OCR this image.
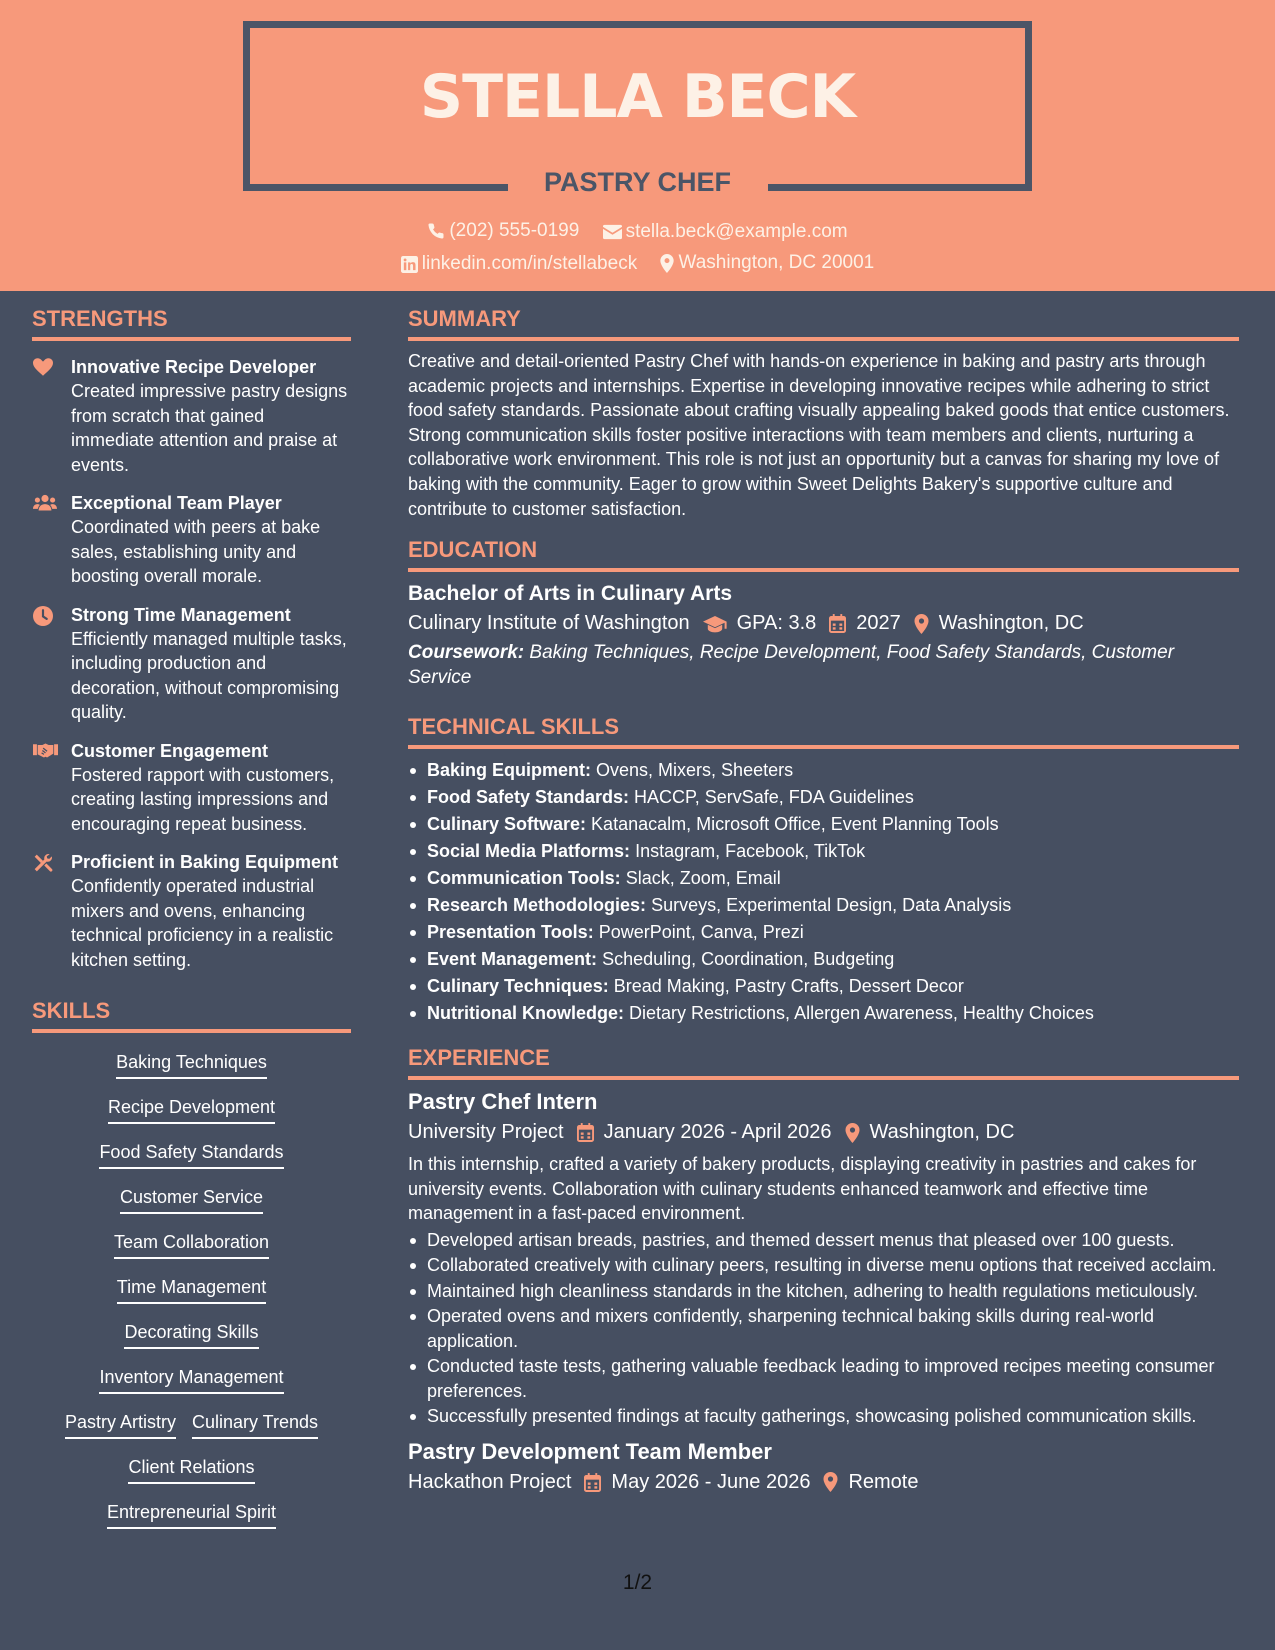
STELLA BECK
PASTRY CHEF
(202) 555-0199
stella.beck@example.com
linkedin.com/in/stellabeck
Washington, DC 20001
STRENGTHS
Innovative Recipe Developer
Created impressive pastry designs from scratch that gained immediate attention and praise at events.
Exceptional Team Player
Coordinated with peers at bake sales, establishing unity and boosting overall morale.
Strong Time Management
Efficiently managed multiple tasks, including production and decoration, without compromising quality.
Customer Engagement
Fostered rapport with customers, creating lasting impressions and encouraging repeat business.
Proficient in Baking Equipment
Confidently operated industrial mixers and ovens, enhancing technical proficiency in a realistic kitchen setting.
SKILLS
Baking Techniques
Recipe Development
Food Safety Standards
Customer Service
Team Collaboration
Time Management
Decorating Skills
Inventory Management
Pastry Artistry Culinary Trends
Client Relations
Entrepreneurial Spirit
SUMMARY
Creative and detail-oriented Pastry Chef with hands-on experience in baking and pastry arts through academic projects and internships. Expertise in developing innovative recipes while adhering to strict food safety standards. Passionate about crafting visually appealing baked goods that entice customers. Strong communication skills foster positive interactions with team members and clients, nurturing a collaborative work environment. This role is not just an opportunity but a canvas for sharing my love of baking with the community. Eager to grow within Sweet Delights Bakery's supportive culture and contribute to customer satisfaction.
EDUCATION
Bachelor of Arts in Culinary Arts
Culinary Institute of Washington GPA: 3.8 2027 Washington, DC
Coursework: Baking Techniques, Recipe Development, Food Safety Standards, Customer Service
TECHNICAL SKILLS
Baking Equipment: Ovens, Mixers, Sheeters
Food Safety Standards: HACCP, ServSafe, FDA Guidelines
Culinary Software: Katanacalm, Microsoft Office, Event Planning Tools
Social Media Platforms: Instagram, Facebook, TikTok
Communication Tools: Slack, Zoom, Email
Research Methodologies: Surveys, Experimental Design, Data Analysis
Presentation Tools: PowerPoint, Canva, Prezi
Event Management: Scheduling, Coordination, Budgeting
Culinary Techniques: Bread Making, Pastry Crafts, Dessert Decor
Nutritional Knowledge: Dietary Restrictions, Allergen Awareness, Healthy Choices
EXPERIENCE
Pastry Chef Intern
University Project January 2026 - April 2026 Washington, DC
In this internship, crafted a variety of bakery products, displaying creativity in pastries and cakes for university events. Collaboration with culinary students enhanced teamwork and effective time management in a fast-paced environment.
Developed artisan breads, pastries, and themed dessert menus that pleased over 100 guests.
Collaborated creatively with culinary peers, resulting in diverse menu options that received acclaim.
Maintained high cleanliness standards in the kitchen, adhering to health regulations meticulously.
Operated ovens and mixers confidently, sharpening technical baking skills during real-world application.
Conducted taste tests, gathering valuable feedback leading to improved recipes meeting consumer preferences.
Successfully presented findings at faculty gatherings, showcasing polished communication skills.
Pastry Development Team Member
Hackathon Project May 2026 - June 2026 Remote
1/2
